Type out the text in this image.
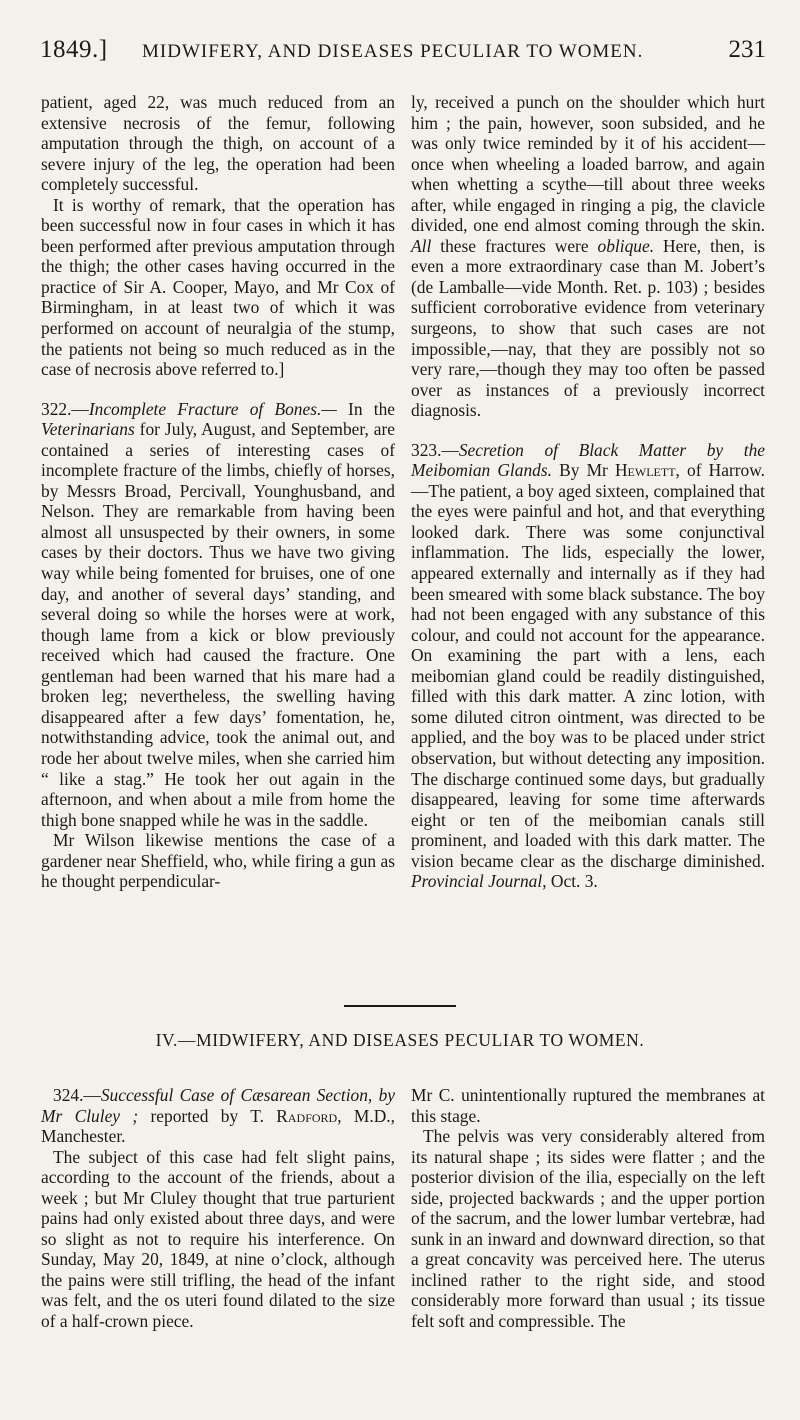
1849.] MIDWIFERY, AND DISEASES PECULIAR TO WOMEN.	231

patient, aged 22, was much reduced from an extensive necrosis of the femur, following amputation through the thigh, on account of a severe injury of the leg, the operation had been completely successful.

It is worthy of remark, that the operation has been successful now in four cases in which it has been performed after previous amputation through the thigh; the other cases having occurred in the practice of Sir A. Cooper, Mayo, and Mr Cox of Birmingham, in at least two of which it was performed on account of neuralgia of the stump, the patients not being so much reduced as in the case of necrosis above referred to.]

322.—Incomplete Fracture of Bones.— In the Veterinarians for July, August, and September, are contained a series of interesting cases of incomplete fracture of the limbs, chiefly of horses, by Messrs Broad, Percivall, Younghusband, and Nelson. They are remarkable from having been almost all unsuspected by their owners, in some cases by their doctors. Thus we have two giving way while being fomented for bruises, one of one day, and another of several days’ standing, and several doing so while the horses were at work, though lame from a kick or blow previously received which had caused the fracture. One gentleman had been warned that his mare had a broken leg; nevertheless, the swelling having disappeared after a few days’ fomentation, he, notwithstanding advice, took the animal out, and rode her about twelve miles, when she carried him “ like a stag.” He took her out again in the afternoon, and when about a mile from home the thigh bone snapped while he was in the saddle.

Mr Wilson likewise mentions the case of a gardener near Sheffield, who, while firing a gun as he thought perpendicular-

ly, received a punch on the shoulder which hurt him ; the pain, however, soon subsided, and he was only twice reminded by it of his accident—once when wheeling a loaded barrow, and again when whetting a scythe—till about three weeks after, while engaged in ringing a pig, the clavicle divided, one end almost coming through the skin. All these fractures were oblique. Here, then, is even a more extraordinary case than M. Jobert’s (de Lamballe—vide Month. Ret. p. 103) ; besides sufficient corroborative evidence from veterinary surgeons, to show that such cases are not impossible,—nay, that they are possibly not so very rare,—though they may too often be passed over as instances of a previously incorrect diagnosis.

323.—Secretion of Black Matter by the Meibomian Glands. By Mr Hewlett, of Harrow.—The patient, a boy aged sixteen, complained that the eyes were painful and hot, and that everything looked dark. There was some conjunctival inflammation. The lids, especially the lower, appeared externally and internally as if they had been smeared with some black substance. The boy had not been engaged with any substance of this colour, and could not account for the appearance. On examining the part with a lens, each meibomian gland could be readily distinguished, filled with this dark matter. A zinc lotion, with some diluted citron ointment, was directed to be applied, and the boy was to be placed under strict observation, but without detecting any imposition. The discharge continued some days, but gradually disappeared, leaving for some time afterwards eight or ten of the meibomian canals still prominent, and loaded with this dark matter. The vision became clear as the discharge diminished. Provincial Journal, Oct. 3.

IV.—MIDWIFERY, AND DISEASES PECULIAR TO WOMEN.

324.—Successful Case of Cæsarean Section, by Mr Cluley ; reported by T. Radford, M.D., Manchester.

The subject of this case had felt slight pains, according to the account of the friends, about a week ; but Mr Cluley thought that true parturient pains had only existed about three days, and were so slight as not to require his interference. On Sunday, May 20, 1849, at nine o’clock, although the pains were still trifling, the head of the infant was felt, and the os uteri found dilated to the size of a half-crown piece.

Mr C. unintentionally ruptured the membranes at this stage.

The pelvis was very considerably altered from its natural shape ; its sides were flatter ; and the posterior division of the ilia, especially on the left side, projected backwards ; and the upper portion of the sacrum, and the lower lumbar vertebræ, had sunk in an inward and downward direction, so that a great concavity was perceived here. The uterus inclined rather to the right side, and stood considerably more forward than usual ; its tissue felt soft and compressible. The
